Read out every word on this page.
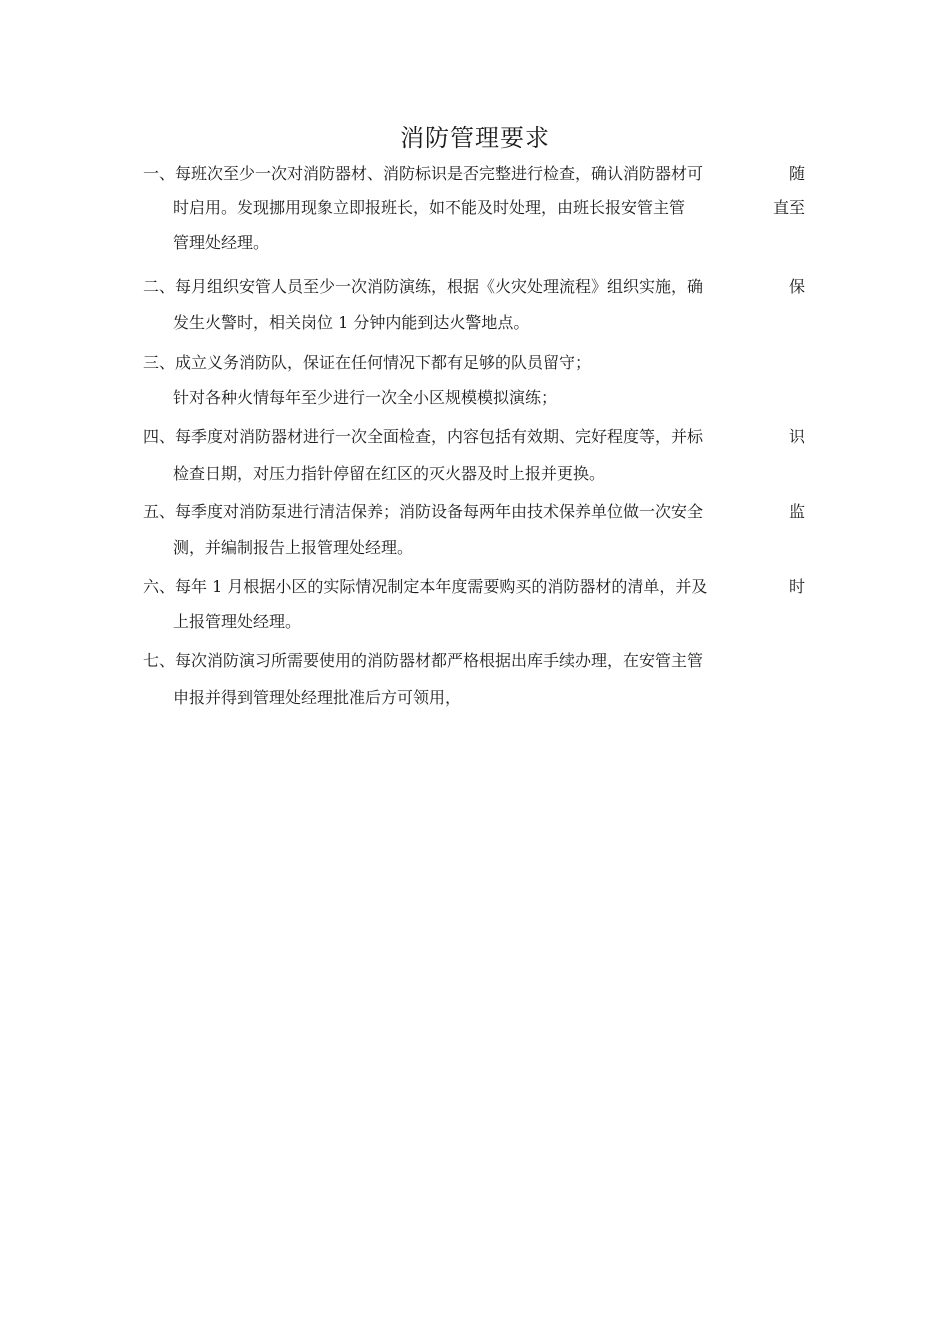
消防管理要求
一、每班次至少一次对消防器材、消防标识是否完整进行检查，确认消防器材可	随
时启用。发现挪用现象立即报班长，如不能及时处理，由班长报安管主管	直至
管理处经理。
二、每月组织安管人员至少一次消防演练，根据《火灾处理流程》组织实施，确	保
发生火警时，相关岗位 1 分钟内能到达火警地点。
三、成立义务消防队，保证在任何情况下都有足够的队员留守；
针对各种火情每年至少进行一次全小区规模模拟演练；
四、每季度对消防器材进行一次全面检查，内容包括有效期、完好程度等，并标	识
检查日期，对压力指针停留在红区的灭火器及时上报并更换。
五、每季度对消防泵进行清洁保养；消防设备每两年由技术保养单位做一次安全	监
测，并编制报告上报管理处经理。
六、每年 1 月根据小区的实际情况制定本年度需要购买的消防器材的清单，并及	时
上报管理处经理。
七、每次消防演习所需要使用的消防器材都严格根据出库手续办理，在安管主管
申报并得到管理处经理批准后方可领用，
